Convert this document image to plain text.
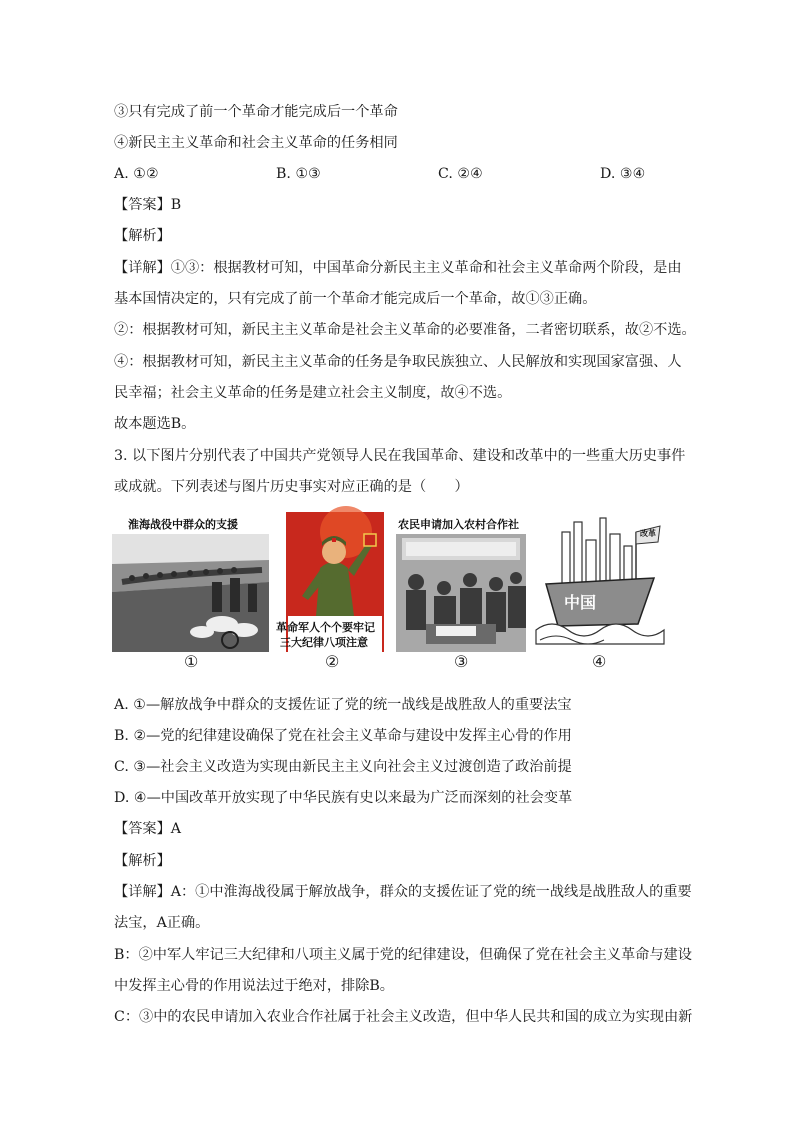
③只有完成了前一个革命才能完成后一个革命
④新民主主义革命和社会主义革命的任务相同
A. ①②	B. ①③	C. ②④	D. ③④
【答案】B
【解析】
【详解】①③：根据教材可知，中国革命分新民主主义革命和社会主义革命两个阶段，是由
基本国情决定的，只有完成了前一个革命才能完成后一个革命，故①③正确。
②：根据教材可知，新民主主义革命是社会主义革命的必要准备，二者密切联系，故②不选。
④：根据教材可知，新民主主义革命的任务是争取民族独立、人民解放和实现国家富强、人
民幸福；社会主义革命的任务是建立社会主义制度，故④不选。
故本题选B。
3. 以下图片分别代表了中国共产党领导人民在我国革命、建设和改革中的一些重大历史事件
或成就。下列表述与图片历史事实对应正确的是（　　）
淮海战役中群众的支援
革命军人个个要牢记
三大纪律八项注意
农民申请加入农村合作社
中国
改革
①	②	③	④
A. ①—解放战争中群众的支援佐证了党的统一战线是战胜敌人的重要法宝
B. ②—党的纪律建设确保了党在社会主义革命与建设中发挥主心骨的作用
C. ③—社会主义改造为实现由新民主主义向社会主义过渡创造了政治前提
D. ④—中国改革开放实现了中华民族有史以来最为广泛而深刻的社会变革
【答案】A
【解析】
【详解】A：①中淮海战役属于解放战争，群众的支援佐证了党的统一战线是战胜敌人的重要
法宝，A正确。
B：②中军人牢记三大纪律和八项主义属于党的纪律建设，但确保了党在社会主义革命与建设
中发挥主心骨的作用说法过于绝对，排除B。
C：③中的农民申请加入农业合作社属于社会主义改造，但中华人民共和国的成立为实现由新
